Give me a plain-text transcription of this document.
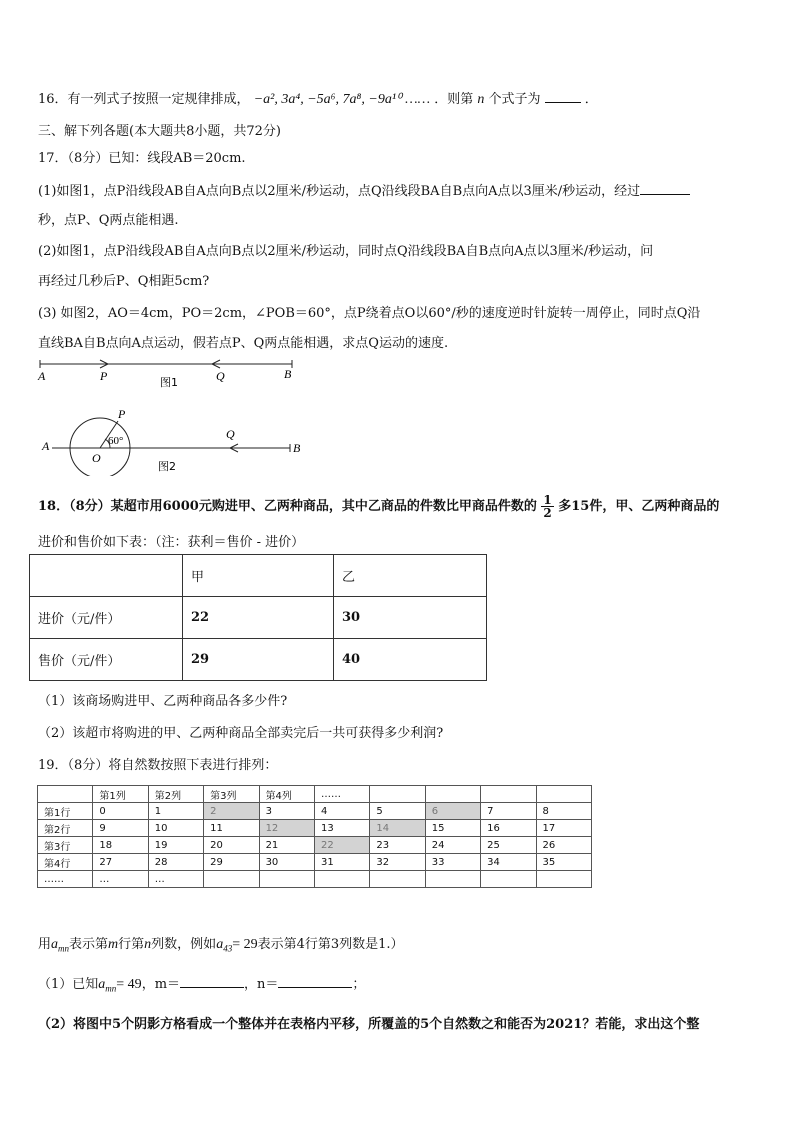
16．有一列式子按照一定规律排成， −a², 3a⁴, −5a⁶, 7a⁸, −9a¹⁰ …… ．则第 n 个式子为	．
三、解下列各题(本大题共8小题，共72分)
17．（8分）已知：线段AB＝20cm.
(1)如图1，点P沿线段AB自A点向B点以2厘米/秒运动，点Q沿线段BA自B点向A点以3厘米/秒运动，经过
秒，点P、Q两点能相遇.
(2)如图1，点P沿线段AB自A点向B点以2厘米/秒运动，同时点Q沿线段BA自B点向A点以3厘米/秒运动，问
再经过几秒后P、Q相距5cm?
(3) 如图2，AO＝4cm，PO＝2cm，∠POB＝60°，点P绕着点O以60°/秒的速度逆时针旋转一周停止，同时点Q沿
直线BA自B点向A点运动，假若点P、Q两点能相遇，求点Q运动的速度.
A	P	Q	B
图1
A
O
P
Q
B
60°
图2
18．（8分）某超市用6000元购进甲、乙两种商品，其中乙商品的件数比甲商品件数的 $\frac{1}{2}$ 多15件，甲、乙两种商品的
进价和售价如下表：（注：获利＝售价 - 进价）
	甲	乙
进价（元/件）	22	30
售价（元/件）	29	40
（1）该商场购进甲、乙两种商品各多少件?
（2）该超市将购进的甲、乙两种商品全部卖完后一共可获得多少利润?
19．（8分）将自然数按照下表进行排列：
	第1列	第2列	第3列	第4列	……				
第1行	0	1	2	3	4	5	6	7	8
第2行	9	10	11	12	13	14	15	16	17
第3行	18	19	20	21	22	23	24	25	26
第4行	27	28	29	30	31	32	33	34	35
……	…	…							
用$a_{mn}$表示第m行第n列数，例如$a_{43}= 29$表示第4行第3列数是1.）
（1）已知$a_{mn}= 49$，m＝	，n＝	；
（2）将图中5个阴影方格看成一个整体并在表格内平移，所覆盖的5个自然数之和能否为2021？若能，求出这个整
